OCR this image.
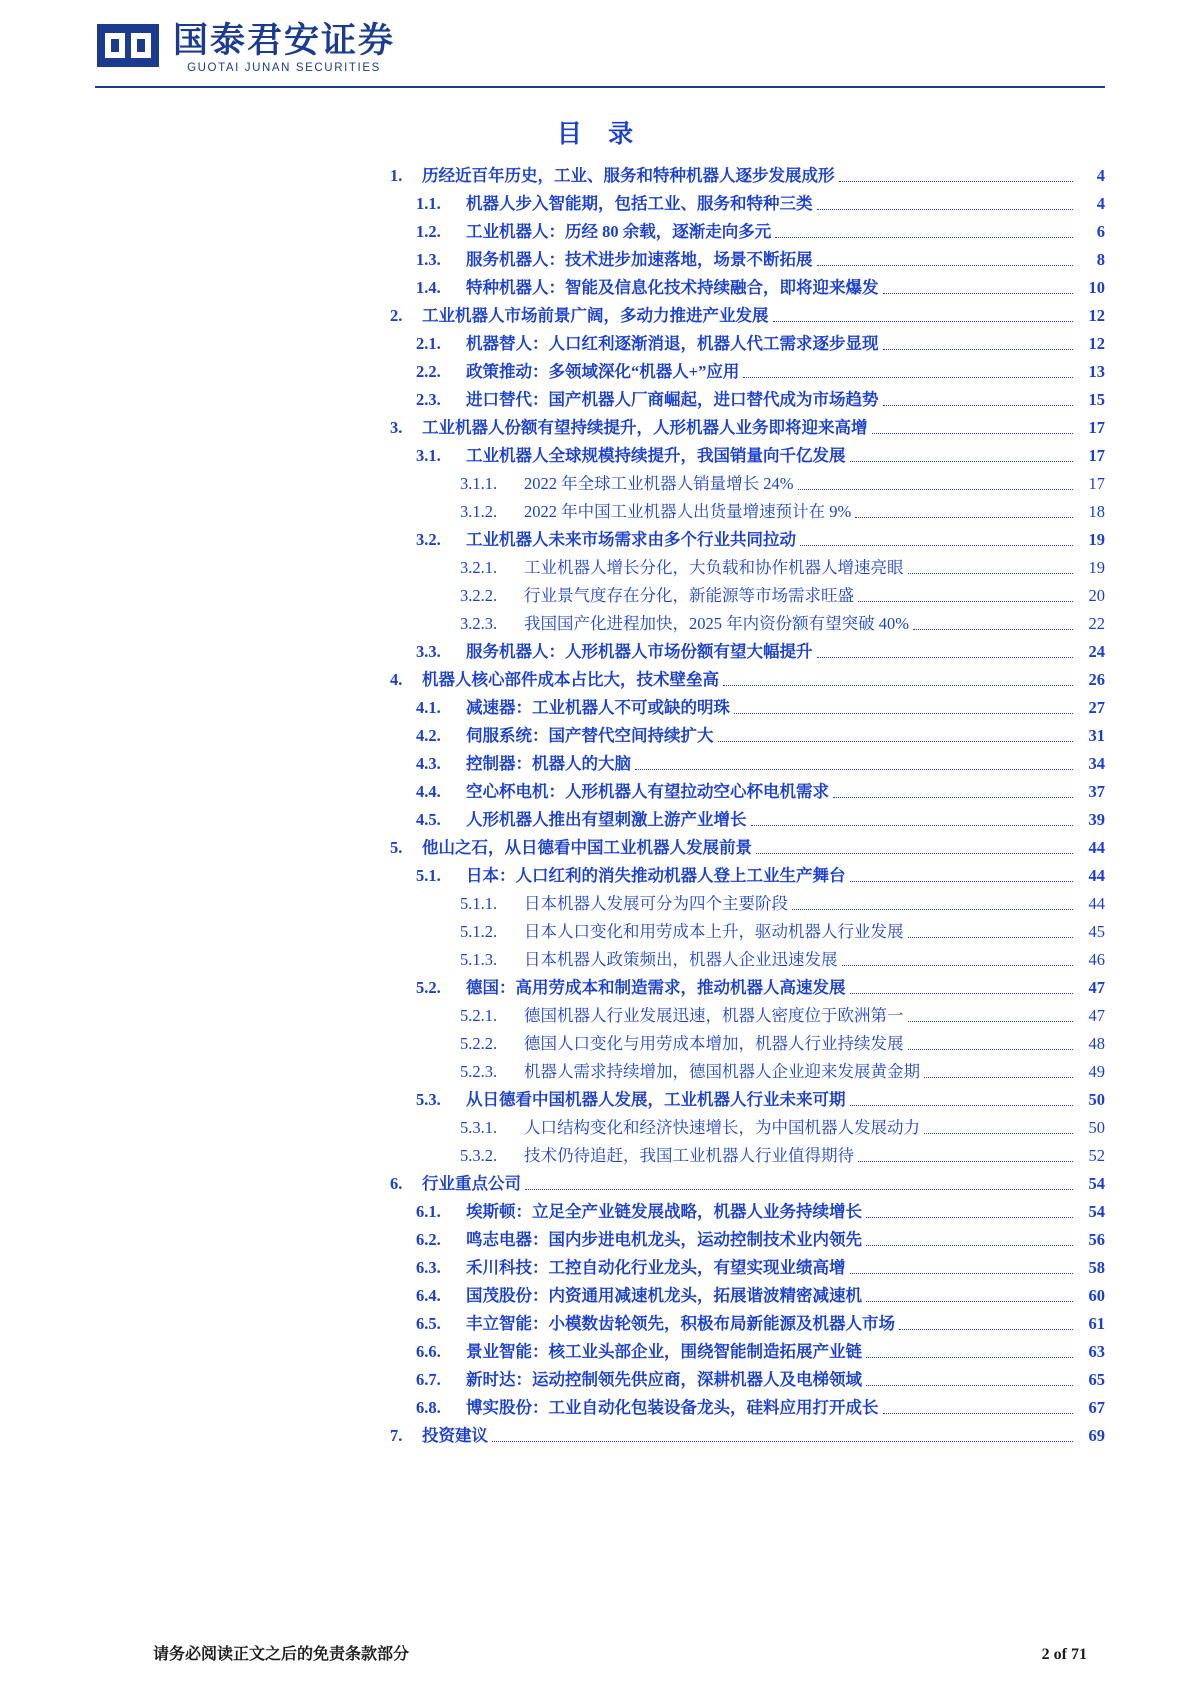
国泰君安证券
GUOTAI JUNAN SECURITIES
目 录
1.	历经近百年历史，工业、服务和特种机器人逐步发展成形	4
1.1.	机器人步入智能期，包括工业、服务和特种三类	4
1.2.	工业机器人：历经 80 余载，逐渐走向多元	6
1.3.	服务机器人：技术进步加速落地，场景不断拓展	8
1.4.	特种机器人：智能及信息化技术持续融合，即将迎来爆发	10
2.	工业机器人市场前景广阔，多动力推进产业发展	12
2.1.	机器替人：人口红利逐渐消退，机器人代工需求逐步显现	12
2.2.	政策推动：多领域深化“机器人+”应用	13
2.3.	进口替代：国产机器人厂商崛起，进口替代成为市场趋势	15
3.	工业机器人份额有望持续提升，人形机器人业务即将迎来高增	17
3.1.	工业机器人全球规模持续提升，我国销量向千亿发展	17
3.1.1.	2022 年全球工业机器人销量增长 24%	17
3.1.2.	2022 年中国工业机器人出货量增速预计在 9%	18
3.2.	工业机器人未来市场需求由多个行业共同拉动	19
3.2.1.	工业机器人增长分化，大负载和协作机器人增速亮眼	19
3.2.2.	行业景气度存在分化，新能源等市场需求旺盛	20
3.2.3.	我国国产化进程加快，2025 年内资份额有望突破 40%	22
3.3.	服务机器人：人形机器人市场份额有望大幅提升	24
4.	机器人核心部件成本占比大，技术壁垒高	26
4.1.	减速器：工业机器人不可或缺的明珠	27
4.2.	伺服系统：国产替代空间持续扩大	31
4.3.	控制器：机器人的大脑	34
4.4.	空心杯电机：人形机器人有望拉动空心杯电机需求	37
4.5.	人形机器人推出有望刺激上游产业增长	39
5.	他山之石，从日德看中国工业机器人发展前景	44
5.1.	日本：人口红利的消失推动机器人登上工业生产舞台	44
5.1.1.	日本机器人发展可分为四个主要阶段	44
5.1.2.	日本人口变化和用劳成本上升，驱动机器人行业发展	45
5.1.3.	日本机器人政策频出，机器人企业迅速发展	46
5.2.	德国：高用劳成本和制造需求，推动机器人高速发展	47
5.2.1.	德国机器人行业发展迅速，机器人密度位于欧洲第一	47
5.2.2.	德国人口变化与用劳成本增加，机器人行业持续发展	48
5.2.3.	机器人需求持续增加，德国机器人企业迎来发展黄金期	49
5.3.	从日德看中国机器人发展，工业机器人行业未来可期	50
5.3.1.	人口结构变化和经济快速增长，为中国机器人发展动力	50
5.3.2.	技术仍待追赶，我国工业机器人行业值得期待	52
6.	行业重点公司	54
6.1.	埃斯顿：立足全产业链发展战略，机器人业务持续增长	54
6.2.	鸣志电器：国内步进电机龙头，运动控制技术业内领先	56
6.3.	禾川科技：工控自动化行业龙头，有望实现业绩高增	58
6.4.	国茂股份：内资通用减速机龙头，拓展谐波精密减速机	60
6.5.	丰立智能：小模数齿轮领先，积极布局新能源及机器人市场	61
6.6.	景业智能：核工业头部企业，围绕智能制造拓展产业链	63
6.7.	新时达：运动控制领先供应商，深耕机器人及电梯领域	65
6.8.	博实股份：工业自动化包装设备龙头，硅料应用打开成长	67
7.	投资建议	69
请务必阅读正文之后的免责条款部分	2 of 71
